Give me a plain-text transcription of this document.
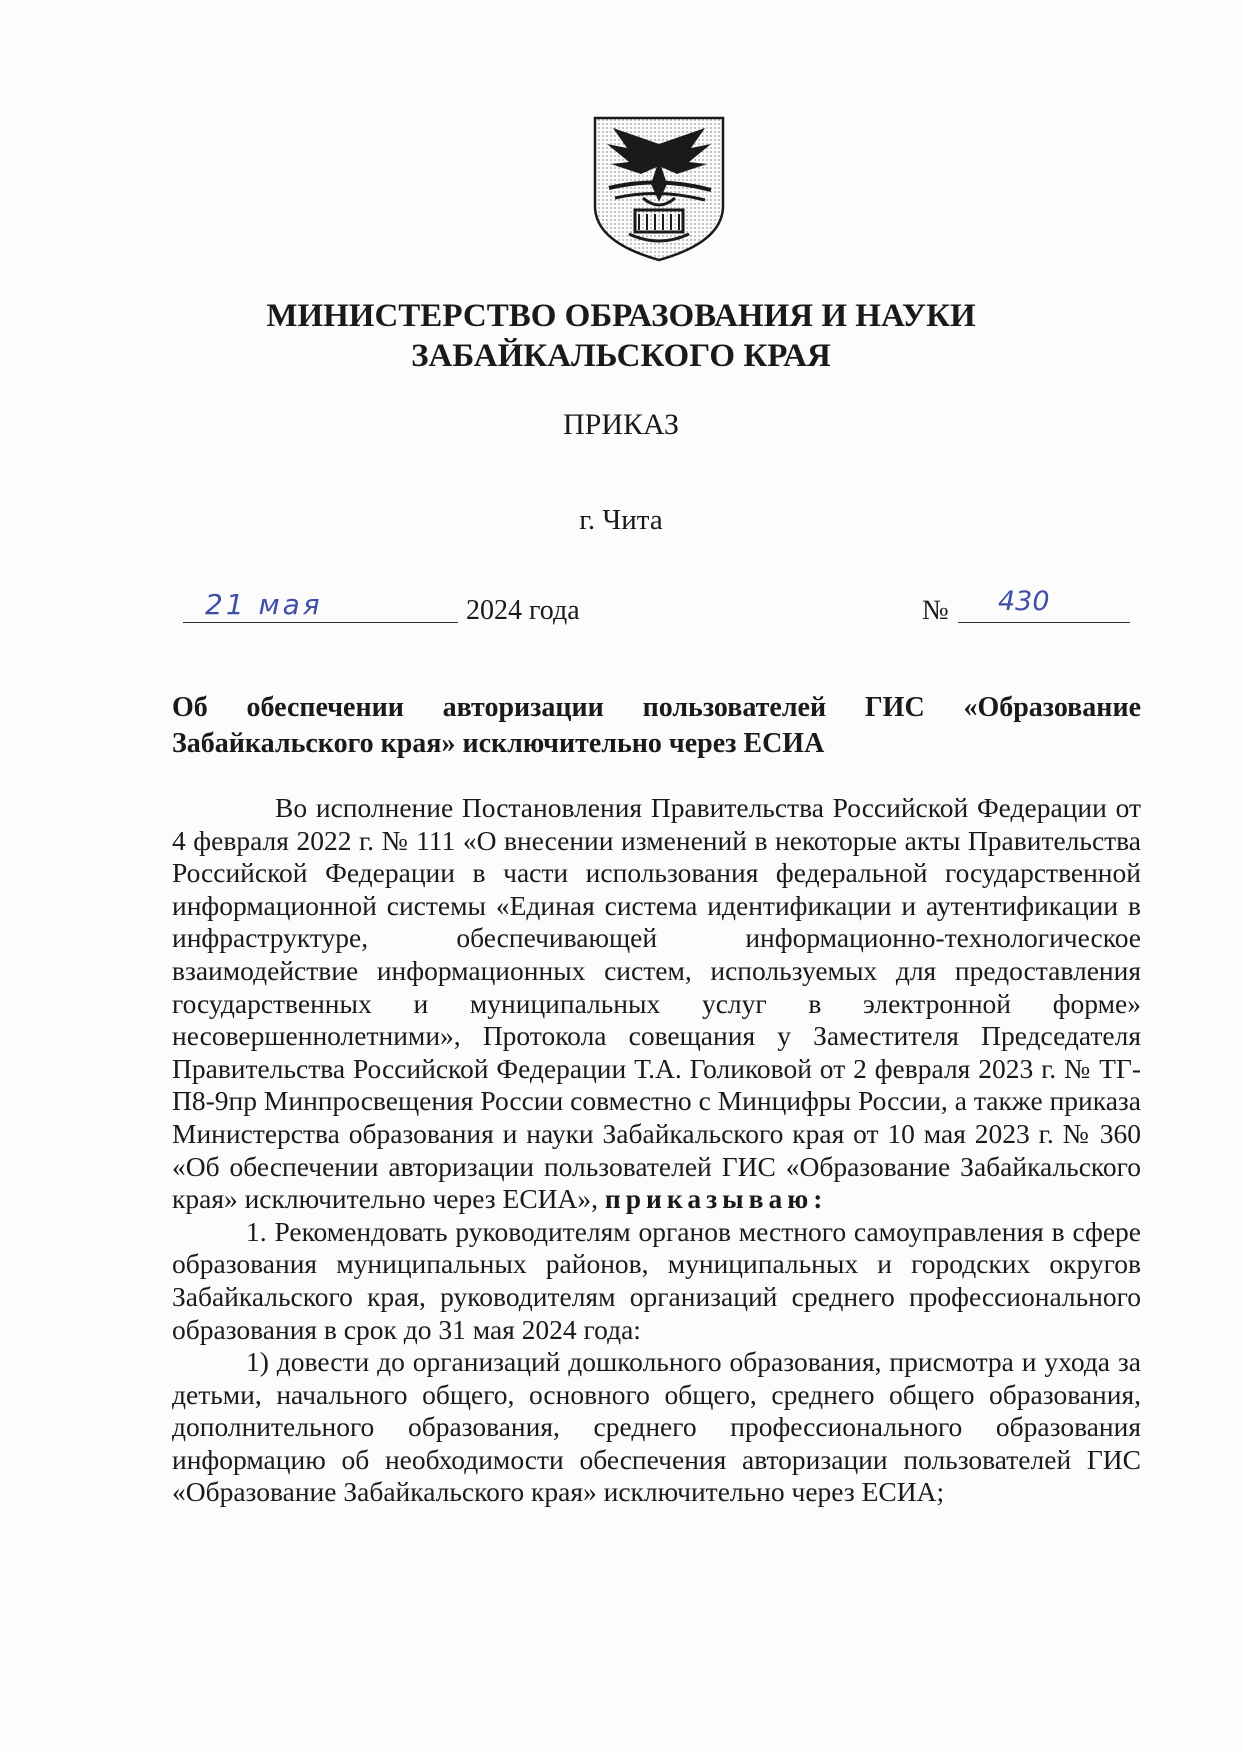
МИНИСТЕРСТВО ОБРАЗОВАНИЯ И НАУКИ
ЗАБАЙКАЛЬСКОГО КРАЯ
ПРИКАЗ
г. Чита
21 мая	2024 года	№ 430
Об обеспечении авторизации пользователей ГИС «Образование Забайкальского края» исключительно через ЕСИА

Во исполнение Постановления Правительства Российской Федерации от 4 февраля 2022 г. № 111 «О внесении изменений в некоторые акты Правительства Российской Федерации в части использования федеральной государственной информационной системы «Единая система идентификации и аутентификации в инфраструктуре, обеспечивающей информационно-технологическое взаимодействие информационных систем, используемых для предоставления государственных и муниципальных услуг в электронной форме» несовершеннолетними», Протокола совещания у Заместителя Председателя Правительства Российской Федерации Т.А. Голиковой от 2 февраля 2023 г. № ТГ-П8-9пр Минпросвещения России совместно с Минцифры России, а также приказа Министерства образования и науки Забайкальского края от 10 мая 2023 г. № 360 «Об обеспечении авторизации пользователей ГИС «Образование Забайкальского края» исключительно через ЕСИА», приказываю:

1. Рекомендовать руководителям органов местного самоуправления в сфере образования муниципальных районов, муниципальных и городских округов Забайкальского края, руководителям организаций среднего профессионального образования в срок до 31 мая 2024 года:

1) довести до организаций дошкольного образования, присмотра и ухода за детьми, начального общего, основного общего, среднего общего образования, дополнительного образования, среднего профессионального образования информацию об необходимости обеспечения авторизации пользователей ГИС «Образование Забайкальского края» исключительно через ЕСИА;
